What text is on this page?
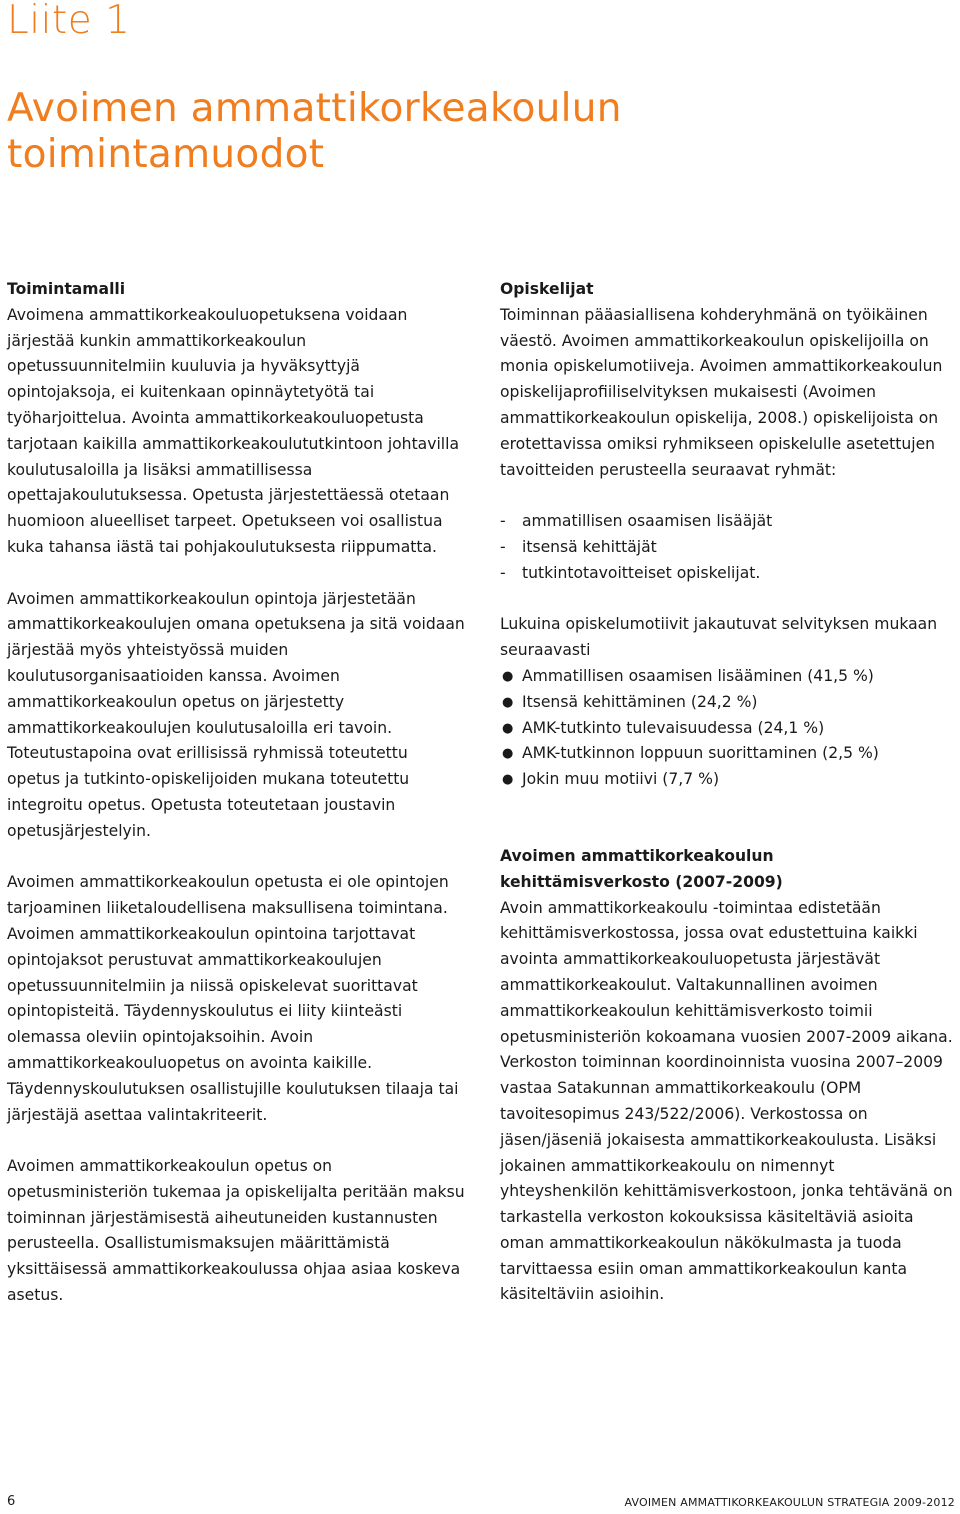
Liite 1
Avoimen ammattikorkeakoulun
toimintamuodot
Toimintamalli

Avoimena ammattikorkeakouluopetuksena voidaan järjestää kunkin ammattikorkeakoulun opetussuunnitelmiin kuuluvia ja hyväksyttyjä opintojaksoja, ei kuitenkaan opinnäytetyötä tai työharjoittelua. Avointa ammattikorkeakouluopetusta tarjotaan kaikilla ammattikorkeakoulututkintoon johtavilla koulutusaloilla ja lisäksi ammatillisessa opettajakoulutuksessa. Opetusta järjestettäessä otetaan huomioon alueelliset tarpeet. Opetukseen voi osallistua kuka tahansa iästä tai pohjakoulutuksesta riippumatta.

Avoimen ammattikorkeakoulun opintoja järjestetään ammattikorkeakoulujen omana opetuksena ja sitä voidaan järjestää myös yhteistyössä muiden koulutusorganisaatioiden kanssa. Avoimen ammattikorkeakoulun opetus on järjestetty ammattikorkeakoulujen koulutusaloilla eri tavoin. Toteutustapoina ovat erillisissä ryhmissä toteutettu opetus ja tutkinto-opiskelijoiden mukana toteutettu integroitu opetus. Opetusta toteutetaan joustavin opetusjärjestelyin.

Avoimen ammattikorkeakoulun opetusta ei ole opintojen tarjoaminen liiketaloudellisena maksullisena toimintana. Avoimen ammattikorkeakoulun opintoina tarjottavat opintojaksot perustuvat ammattikorkeakoulujen opetussuunnitelmiin ja niissä opiskelevat suorittavat opintopisteitä. Täydennyskoulutus ei liity kiinteästi olemassa oleviin opintojaksoihin. Avoin ammattikorkeakouluopetus on avointa kaikille. Täydennyskoulutuksen osallistujille koulutuksen tilaaja tai järjestäjä asettaa valintakriteerit.

Avoimen ammattikorkeakoulun opetus on opetusministeriön tukemaa ja opiskelijalta peritään maksu toiminnan järjestämisestä aiheutuneiden kustannusten perusteella. Osallistumismaksujen määrittämistä yksittäisessä ammattikorkeakoulussa ohjaa asiaa koskeva asetus.

Opiskelijat

Toiminnan pääasiallisena kohderyhmänä on työikäinen väestö. Avoimen ammattikorkeakoulun opiskelijoilla on monia opiskelumotiiveja. Avoimen ammattikorkeakoulun opiskelijaprofiiliselvityksen mukaisesti (Avoimen ammattikorkeakoulun opiskelija, 2008.) opiskelijoista on erotettavissa omiksi ryhmikseen opiskelulle asetettujen tavoitteiden perusteella seuraavat ryhmät:

- ammatillisen osaamisen lisääjät
- itsensä kehittäjät
- tutkintotavoitteiset opiskelijat.

Lukuina opiskelumotiivit jakautuvat selvityksen mukaan seuraavasti

● Ammatillisen osaamisen lisääminen (41,5 %)
● Itsensä kehittäminen (24,2 %)
● AMK-tutkinto tulevaisuudessa (24,1 %)
● AMK-tutkinnon loppuun suorittaminen (2,5 %)
● Jokin muu motiivi (7,7 %)
Avoimen ammattikorkeakoulun
kehittämisverkosto (2007-2009)

Avoin ammattikorkeakoulu -toimintaa edistetään kehittämisverkostossa, jossa ovat edustettuina kaikki avointa ammattikorkeakouluopetusta järjestävät ammattikorkeakoulut. Valtakunnallinen avoimen ammattikorkeakoulun kehittämisverkosto toimii opetusministeriön kokoamana vuosien 2007-2009 aikana. Verkoston toiminnan koordinoinnista vuosina 2007–2009 vastaa Satakunnan ammattikorkeakoulu (OPM tavoitesopimus 243/522/2006). Verkostossa on jäsen/jäseniä jokaisesta ammattikorkeakoulusta. Lisäksi jokainen ammattikorkeakoulu on nimennyt yhteyshenkilön kehittämisverkostoon, jonka tehtävänä on tarkastella verkoston kokouksissa käsiteltäviä asioita oman ammattikorkeakoulun näkökulmasta ja tuoda tarvittaessa esiin oman ammattikorkeakoulun kanta käsiteltäviin asioihin.

6	AVOIMEN AMMATTIKORKEAKOULUN STRATEGIA 2009-2012
